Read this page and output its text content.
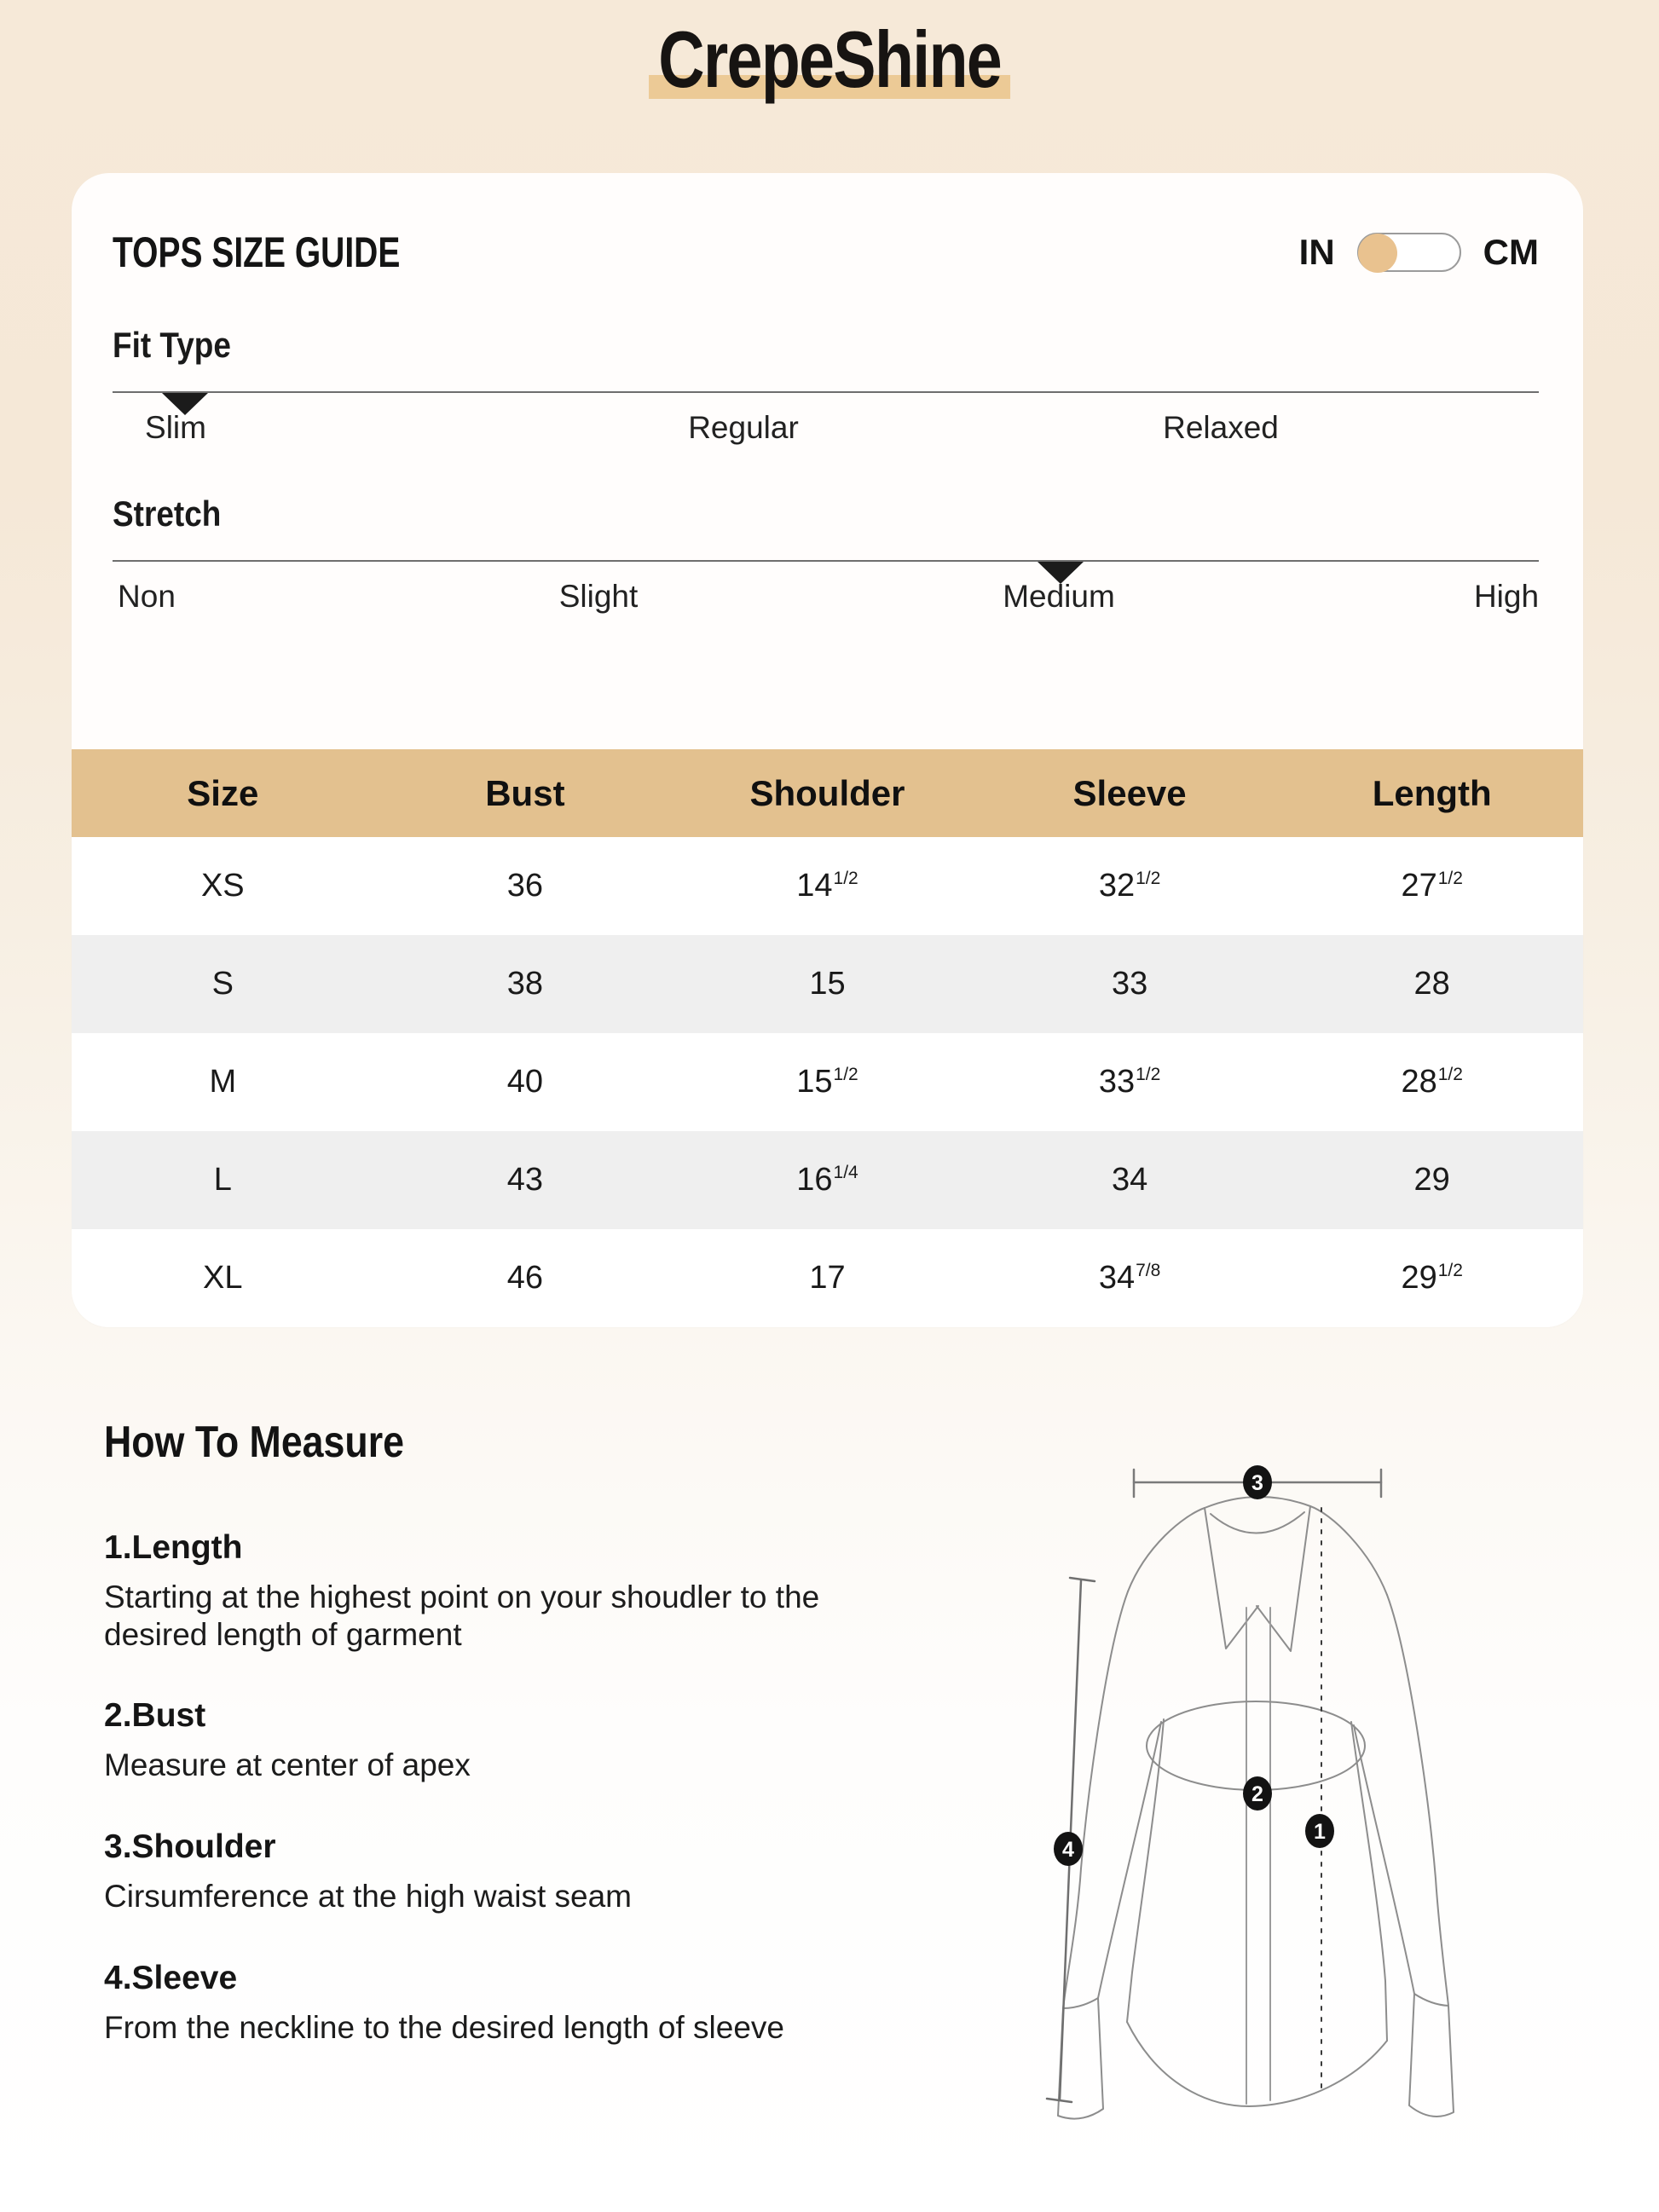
CrepeShine
TOPS SIZE GUIDE	IN	CM
Fit Type
Slim	Regular	Relaxed
Stretch
Non	Slight	Medium	High
Size	Bust	Shoulder	Sleeve	Length
XS	36	$14^{1/2}$	$32^{1/2}$	$27^{1/2}$
S	38	15	33	28
M	40	$15^{1/2}$	$33^{1/2}$	$28^{1/2}$
L	43	$16^{1/4}$	34	29
XL	46	17	$34^{7/8}$	$29^{1/2}$
How To Measure
1.Length
Starting at the highest point on your shoudler to the desired length of garment
2.Bust
Measure at center of apex
3.Shoulder
Cirsumference at the high waist seam
4.Sleeve
From the neckline to the desired length of sleeve
3
2
1
4
